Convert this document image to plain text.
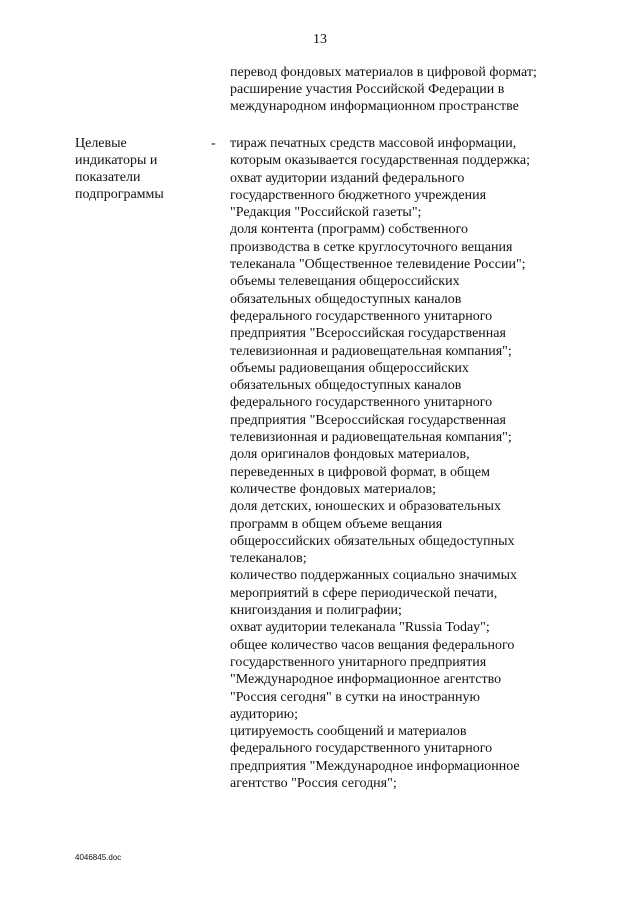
13
перевод фондовых материалов в цифровой формат;
расширение участия Российской Федерации в
международном информационном пространстве
Целевые
индикаторы и
показатели
подпрограммы
- тираж печатных средств массовой информации,
которым оказывается государственная поддержка;
охват аудитории изданий федерального
государственного бюджетного учреждения
"Редакция "Российской газеты";
доля контента (программ) собственного
производства в сетке круглосуточного вещания
телеканала "Общественное телевидение России";
объемы телевещания общероссийских
обязательных общедоступных каналов
федерального государственного унитарного
предприятия "Всероссийская государственная
телевизионная и радиовещательная компания";
объемы радиовещания общероссийских
обязательных общедоступных каналов
федерального государственного унитарного
предприятия "Всероссийская государственная
телевизионная и радиовещательная компания";
доля оригиналов фондовых материалов,
переведенных в цифровой формат, в общем
количестве фондовых материалов;
доля детских, юношеских и образовательных
программ в общем объеме вещания
общероссийских обязательных общедоступных
телеканалов;
количество поддержанных социально значимых
мероприятий в сфере периодической печати,
книгоиздания и полиграфии;
охват аудитории телеканала "Russia Today";
общее количество часов вещания федерального
государственного унитарного предприятия
"Международное информационное агентство
"Россия сегодня" в сутки на иностранную
аудиторию;
цитируемость сообщений и материалов
федерального государственного унитарного
предприятия "Международное информационное
агентство "Россия сегодня";
4046845.doc
